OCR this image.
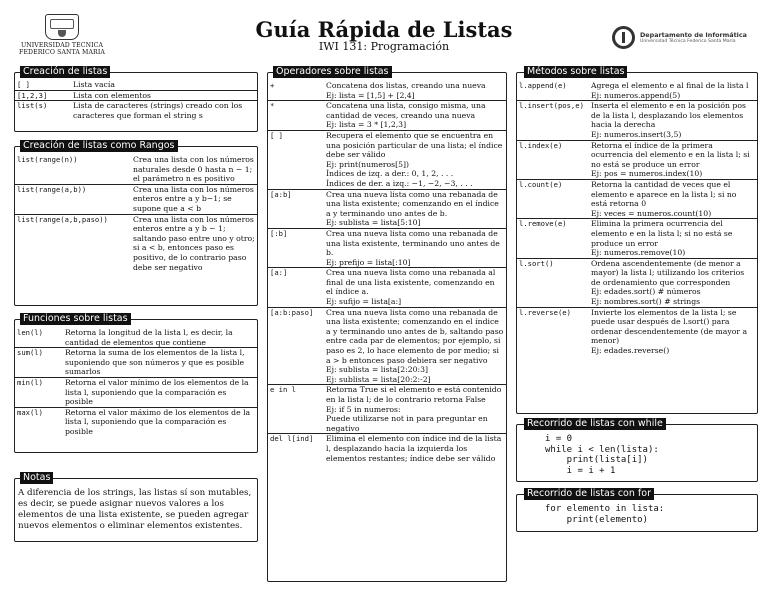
UNIVERSIDAD TECNICA
FEDERICO SANTA MARIA
Guía Rápida de Listas
IWI 131: Programación
Departamento de Informática
Universidad Técnica Federico Santa María
Creación de listas
[ ]	Lista vacía
[1,2,3]	Lista con elementos
list(s)	Lista de caracteres (strings) creado con los caracteres que forman el string s
Creación de listas como Rangos
list(range(n))	Crea una lista con los números naturales desde 0 hasta n − 1; el parámetro n es positivo
list(range(a,b))	Crea una lista con los números enteros entre a y b−1; se supone que a < b
list(range(a,b,paso))	Crea una lista con los números enteros entre a y b − 1; saltando paso entre uno y otro; si a < b, entonces paso es positivo, de lo contrario paso debe ser negativo
Funciones sobre listas
len(l)	Retorna la longitud de la lista l, es decir, la cantidad de elementos que contiene
sum(l)	Retorna la suma de los elementos de la lista l, suponiendo que son números y que es posible sumarlos
min(l)	Retorna el valor mínimo de los elementos de la lista l, suponiendo que la comparación es posible
max(l)	Retorna el valor máximo de los elementos de la lista l, suponiendo que la comparación es posible
Notas
A diferencia de los strings, las listas sí son mutables, es decir, se puede asignar nuevos valores a los elementos de una lista existente, se pueden agregar nuevos elementos o eliminar elementos existentes.
Operadores sobre listas
+	Concatena dos listas, creando una nueva
Ej: lista = [1,5] + [2,4]
*	Concatena una lista, consigo misma, una cantidad de veces, creando una nueva
Ej: lista = 3 * [1,2,3]
[ ]	Recupera el elemento que se encuentra en una posición particular de una lista; el índice debe ser válido
Ej: print(numeros[5])
Índices de izq. a der.: 0, 1, 2, . . .
Índices de der. a izq.: −1, −2, −3, . . .
[a:b]	Crea una nueva lista como una rebanada de una lista existente; comenzando en el índice a y terminando uno antes de b.
Ej: sublista = lista[5:10]
[:b]	Crea una nueva lista como una rebanada de una lista existente, terminando uno antes de b.
Ej: prefijo = lista[:10]
[a:]	Crea una nueva lista como una rebanada al final de una lista existente, comenzando en el índice a.
Ej: sufijo = lista[a:]
[a:b:paso]	Crea una nueva lista como una rebanada de una lista existente; comenzando en el índice a y terminando uno antes de b, saltando paso entre cada par de elementos; por ejemplo, si paso es 2, lo hace elemento de por medio; si a > b entonces paso debiera ser negativo
Ej: sublista = lista[2:20:3]
Ej: sublista = lista[20:2:-2]
e in l	Retorna True si el elemento e está contenido en la lista l; de lo contrario retorna False
Ej: if 5 in numeros:
Puede utilizarse not in para preguntar en negativo
del l[ind]	Elimina el elemento con índice ind de la lista l, desplazando hacia la izquierda los elementos restantes; índice debe ser válido
Métodos sobre listas
l.append(e)	Agrega el elemento e al final de la lista l
Ej: numeros.append(5)
l.insert(pos,e) Inserta el elemento e en la posición pos de la lista l, desplazando los elementos hacia la derecha
Ej: numeros.insert(3,5)
l.index(e)	Retorna el índice de la primera ocurrencia del elemento e en la lista l; si no está se produce un error
Ej: pos = numeros.index(10)
l.count(e)	Retorna la cantidad de veces que el elemento e aparece en la lista l; si no está retorna 0
Ej: veces = numeros.count(10)
l.remove(e)	Elimina la primera ocurrencia del elemento e en la lista l; si no está se produce un error
Ej: numeros.remove(10)
l.sort()	Ordena ascendentemente (de menor a mayor) la lista l; utilizando los criterios de ordenamiento que corresponden
Ej: edades.sort() # números
Ej: nombres.sort() # strings
l.reverse(e)	Invierte los elementos de la lista l; se puede usar después de l.sort() para ordenar descendentemente (de mayor a menor)
Ej: edades.reverse()
Recorrido de listas con while
i = 0
while i < len(lista):
print(lista[i])
i = i + 1
Recorrido de listas con for
for elemento in lista:
print(elemento)
